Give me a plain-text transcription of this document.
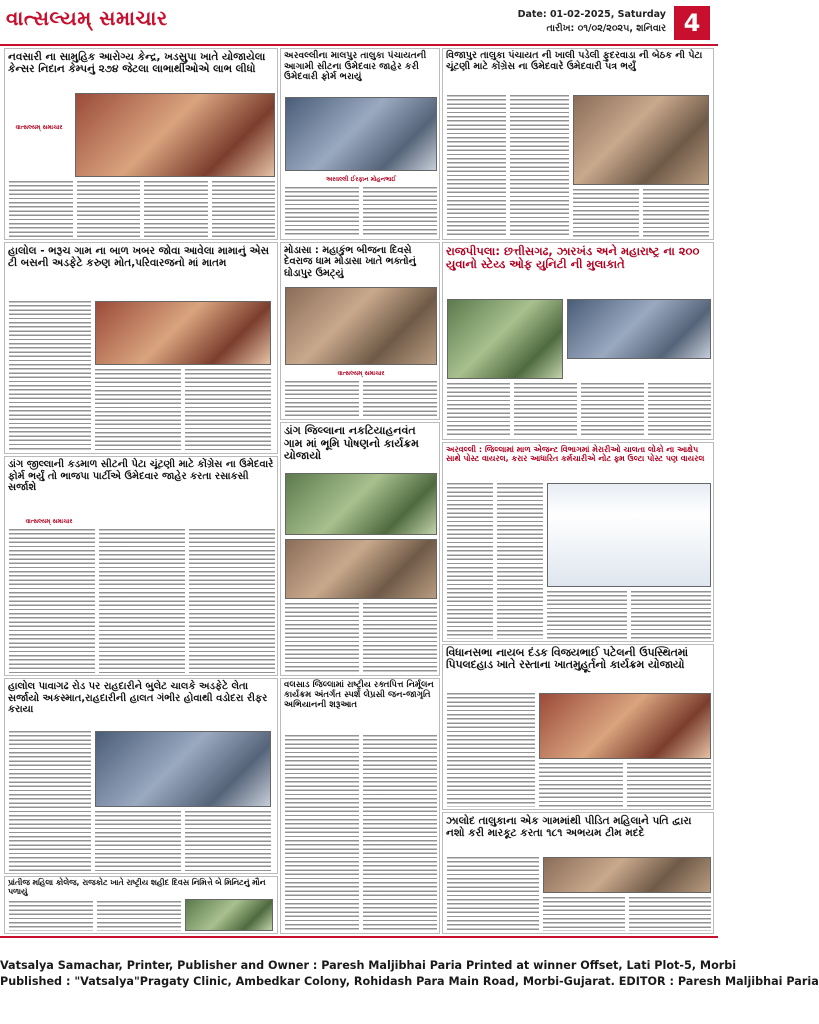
વાત્સલ્યમ્ સમાચાર	Date: 01-02-2025, Saturday
તારીખ: ૦૧/૦૨/૨૦૨૫, શનિવાર 4
નવસારી ના સામુહિક આરોગ્ય કેન્દ્ર, ખડસુપા ખાતે યોજાયેલા કેન્સર નિદાન કેમ્પનું ૨૭૪ જેટલા લાભાર્થીઓએ લાભ લીધો
વાત્સલ્યમ્ સમાચાર
અરવલ્લીના માલપુર તાલુકા પંચાયતની આગામી સીટના ઉમેદવાર જાહેર કરી ઉમેદવારી ફોર્મ ભરાયું
અરવલ્લી ઈરફાન મોહનભાઈ
વિજાપુર તાલુકા પંચાયત ની ખાલી પડેલી ફુદરવાડા ની બેઠક ની પેટા ચૂંટણી માટે કોંગ્રેસ ના ઉમેદવારે ઉમેદવારી પત્ર ભર્યું
રાજપીપલા: છત્તીસગઢ, ઝારખંડ અને મહારાષ્ટ્ર ના ૨૦૦ યુવાનો સ્ટેય્ડ ઓફ યુનિટી ની મુલાકાતે
હાલોલ - ભરૂચ ગામ ના બાળ ખબર જોવા આવેલા મામાનું એસ ટી બસની અડફેટે કરુણ મોત,પરિવારજનો માં માતમ
મોડાસા : મહાકુંભ બીજના દિવસે દેવરાજ ધામ મોડાસા ખાતે ભક્તોનું ઘોડાપુર ઉમટ્યું
વાત્સલ્યમ્ સમાચાર
અરવલ્લી : જિલ્લામાં માળ એજન્ટ વિભાગમાં મેરારીઓ ચાલતા લોકો ના આક્ષેપ સાથે પોસ્ટ વાયરલ, કરાર આધારિત કર્મચારીએ નોટ ફ્ર્મ ઉલ્ટા પોસ્ટ પણ વાયરલ
ડાંગ જીલ્લાની કડમાળ સીટની પેટા ચૂંટણી માટે કોંગ્રેસ ના ઉમેદવારે ફોર્મ ભર્યું તો ભાજપા પાર્ટીએ ઉમેદવાર જાહેર કરતા રસાકસી સર્જાશે
વાત્સલ્યમ્ સમાચાર
ડાંગ જિલ્લાના નકટિયાહનવંત ગામ માં ભૂમિ પોષણનો કાર્યક્રમ યોજાયો
વિધાનસભા નાયબ દંડક વિજયભાઈ પટેલની ઉપસ્થિતમાં પિપલદહાડ ખાતે રસ્તાના ખાતમુહૂર્તનો કાર્યક્રમ યોજાયો
હાલોલ પાવાગઢ રોડ પર રાહદારીને બુલેટ ચાલકે અડફેટે લેતા સર્જાયો અકસ્માત,રાહદારીની હાલત ગંભીર હોવાથી વડોદરા રીફર કરાયા
વલસાડ જિલ્લામાં રાષ્ટ્રીય રક્તપિત્ત નિર્મૂલન કાર્યક્રમ અંતર્ગત સ્પર્શ લેપ્રસી જન-જાગૃતિ અભિયાનની શરૂઆત
ઝાલોદ તાલુકાના એક ગામમાંથી પીડિત મહિલાને પતિ દ્વારા નશો કરી મારકૂટ કરતા ૧૮૧ અભયમ ટીમ મદદે
પ્રાંતીજ મહિલા કોલેજ, રાજકોટ ખાતે રાષ્ટ્રીય શહીદ દિવસ નિમિત્તે બે મિનિટનું મૌન પળાયું
Vatsalya Samachar, Printer, Publisher and Owner : Paresh Maljibhai Paria Printed at winner Offset, Lati Plot-5, Morbi
Published : "Vatsalya"Pragaty Clinic, Ambedkar Colony, Rohidash Para Main Road, Morbi-Gujarat. EDITOR : Paresh Maljibhai Paria
